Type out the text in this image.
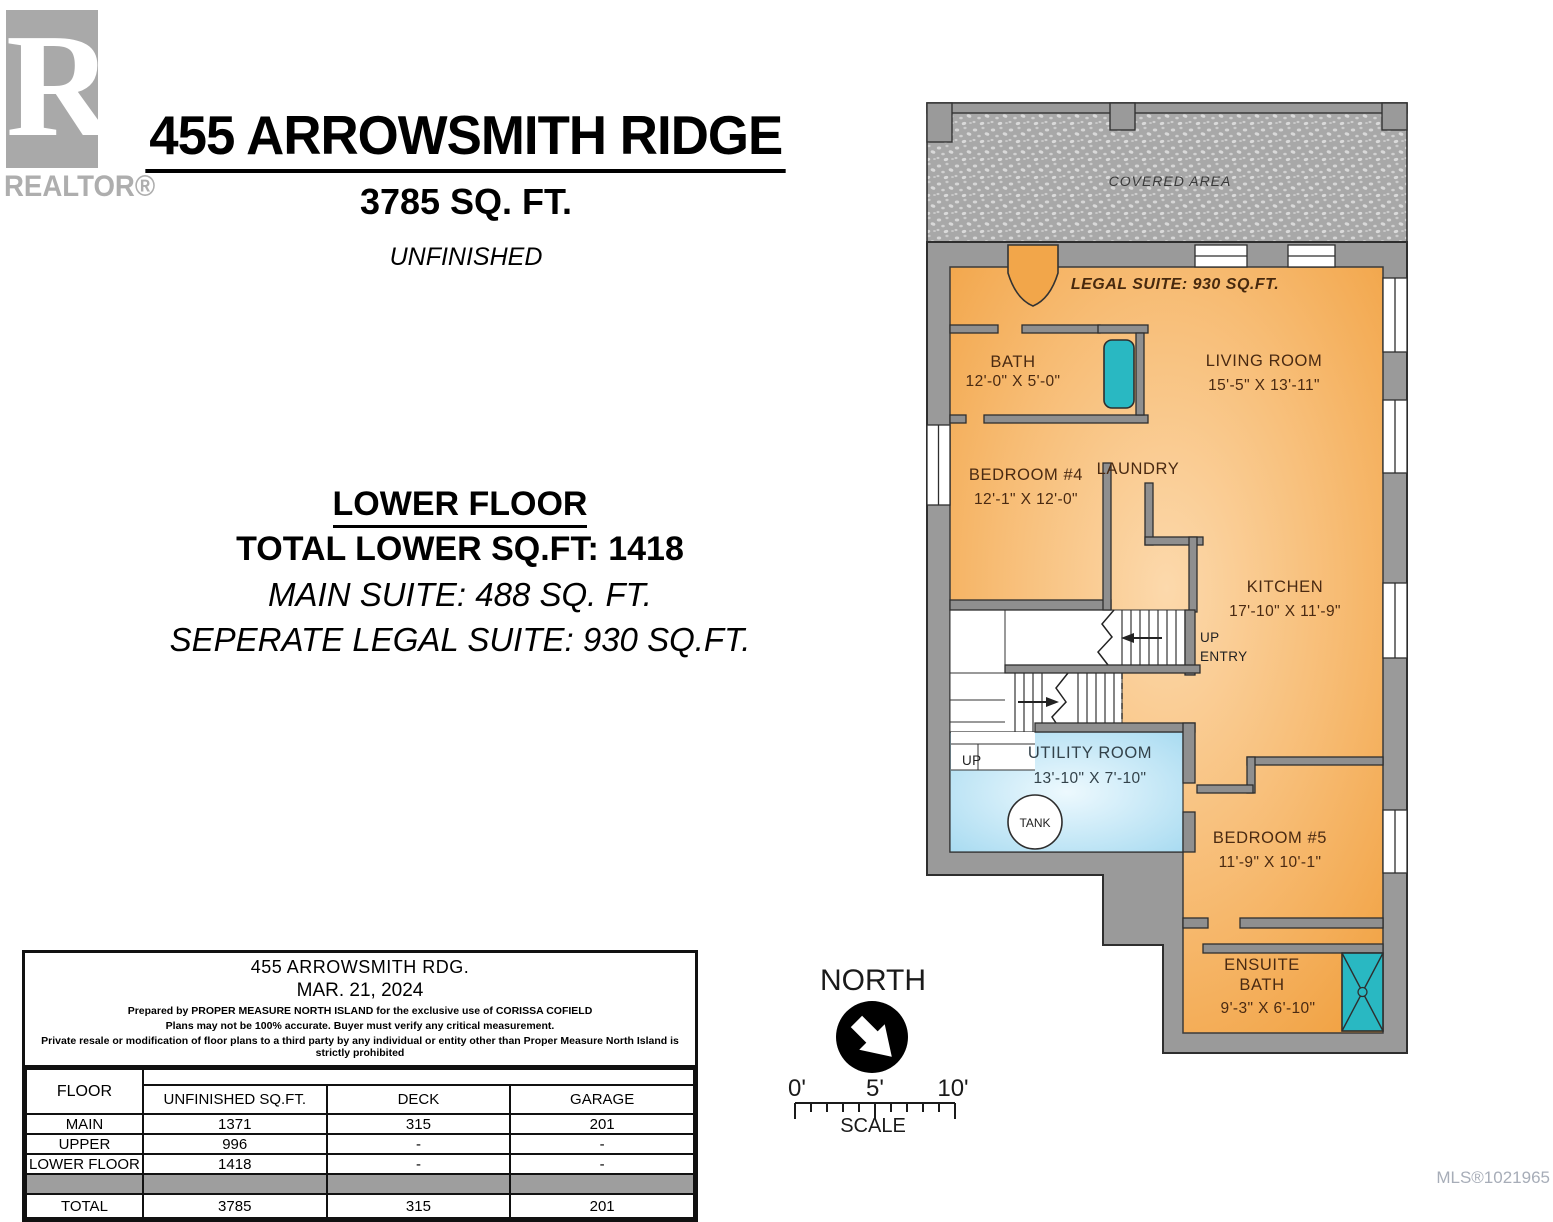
R
REALTOR®
455 ARROWSMITH RIDGE
3785 SQ. FT.
UNFINISHED
LOWER FLOOR
TOTAL LOWER SQ.FT: 1418
MAIN SUITE: 488 SQ. FT.
SEPERATE LEGAL SUITE: 930 SQ.FT.
455 ARROWSMITH RDG.
MAR. 21, 2024
Prepared by PROPER MEASURE NORTH ISLAND for the exclusive use of CORISSA COFIELD
Plans may not be 100% accurate. Buyer must verify any critical measurement.
Private resale or modification of floor plans to a third party by any individual or entity other than Proper Measure North Island is strictly prohibited
FLOOR			
	UNFINISHED SQ.FT.	DECK	GARAGE
MAIN	1371	315	201
UPPER	996	-	-
LOWER FLOOR	1418	-	-

TOTAL	3785	315	201
NORTH
0'	5' 10'
SCALE
MLS®1021965
COVERED AREA
TANK
LEGAL SUITE: 930 SQ.FT.
BATH
12'-0" X 5'-0"
LIVING ROOM
15'-5" X 13'-11"
BEDROOM #4
12'-1" X 12'-0"
LAUNDRY
KITCHEN
17'-10" X 11'-9"
UP
ENTRY
UP	UTILITY ROOM
13'-10" X 7'-10"
BEDROOM #5
11'-9" X 10'-1"
ENSUITE
BATH
9'-3" X 6'-10"
